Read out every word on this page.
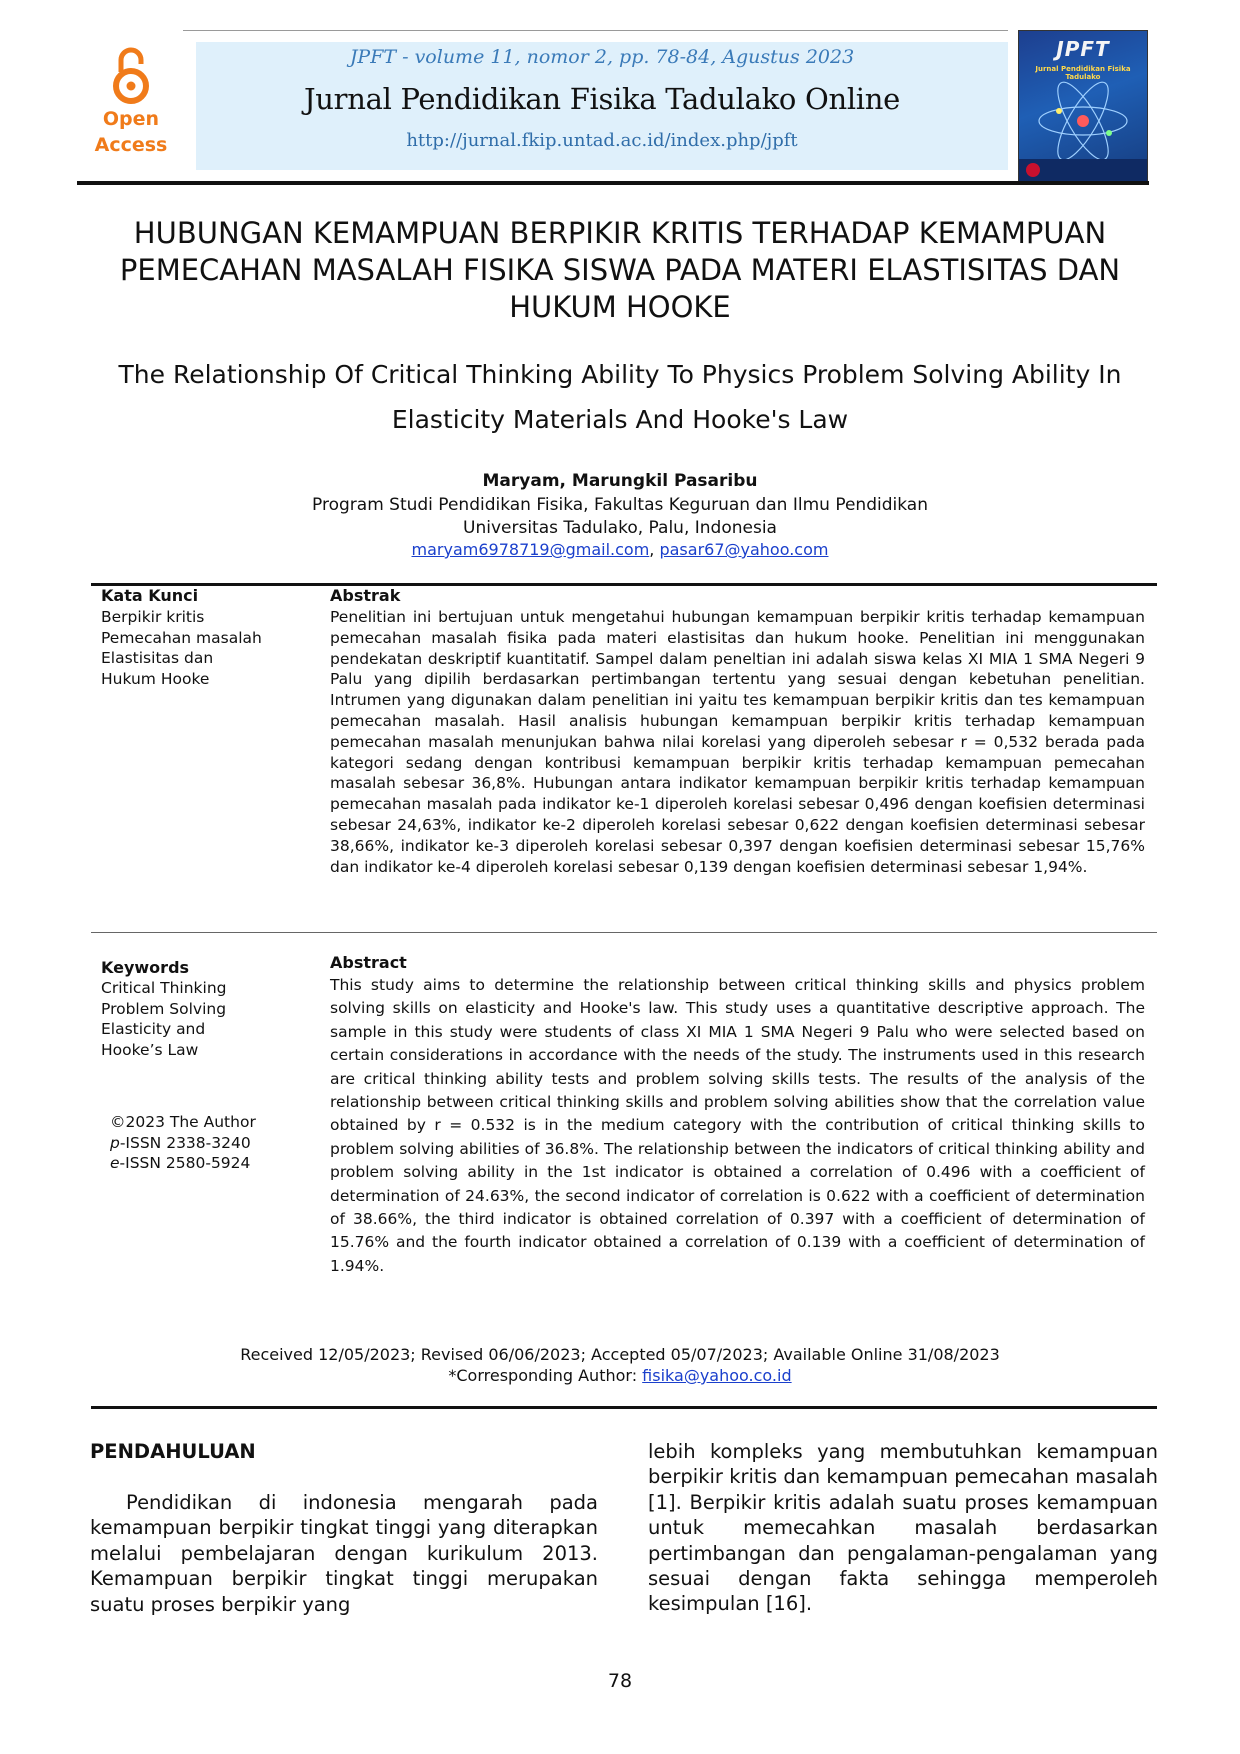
Open
Access
JPFT - volume 11, nomor 2, pp. 78-84, Agustus 2023
Jurnal Pendidikan Fisika Tadulako Online
http://jurnal.fkip.untad.ac.id/index.php/jpft
JPFT
Jurnal Pendidikan Fisika Tadulako
HUBUNGAN KEMAMPUAN BERPIKIR KRITIS TERHADAP KEMAMPUAN PEMECAHAN MASALAH FISIKA SISWA PADA MATERI ELASTISITAS DAN HUKUM HOOKE
The Relationship Of Critical Thinking Ability To Physics Problem Solving Ability In Elasticity Materials And Hooke's Law
Maryam, Marungkil Pasaribu
Program Studi Pendidikan Fisika, Fakultas Keguruan dan Ilmu Pendidikan
Universitas Tadulako, Palu, Indonesia
maryam6978719@gmail.com, pasar67@yahoo.com
Kata Kunci
Berpikir kritis
Pemecahan masalah
Elastisitas dan
Hukum Hooke
Abstrak
Penelitian ini bertujuan untuk mengetahui hubungan kemampuan berpikir kritis terhadap kemampuan pemecahan masalah fisika pada materi elastisitas dan hukum hooke. Penelitian ini menggunakan pendekatan deskriptif kuantitatif. Sampel dalam peneltian ini adalah siswa kelas XI MIA 1 SMA Negeri 9 Palu yang dipilih berdasarkan pertimbangan tertentu yang sesuai dengan kebetuhan penelitian. Intrumen yang digunakan dalam penelitian ini yaitu tes kemampuan berpikir kritis dan tes kemampuan pemecahan masalah. Hasil analisis hubungan kemampuan berpikir kritis terhadap kemampuan pemecahan masalah menunjukan bahwa nilai korelasi yang diperoleh sebesar r = 0,532 berada pada kategori sedang dengan kontribusi kemampuan berpikir kritis terhadap kemampuan pemecahan masalah sebesar 36,8%. Hubungan antara indikator kemampuan berpikir kritis terhadap kemampuan pemecahan masalah pada indikator ke-1 diperoleh korelasi sebesar 0,496 dengan koefisien determinasi sebesar 24,63%, indikator ke-2 diperoleh korelasi sebesar 0,622 dengan koefisien determinasi sebesar 38,66%, indikator ke-3 diperoleh korelasi sebesar 0,397 dengan koefisien determinasi sebesar 15,76% dan indikator ke-4 diperoleh korelasi sebesar 0,139 dengan koefisien determinasi sebesar 1,94%.
Keywords
Critical Thinking
Problem Solving
Elasticity and
Hooke’s Law
©2023 The Author
p-ISSN 2338-3240
e-ISSN 2580-5924
Abstract
This study aims to determine the relationship between critical thinking skills and physics problem solving skills on elasticity and Hooke's law. This study uses a quantitative descriptive approach. The sample in this study were students of class XI MIA 1 SMA Negeri 9 Palu who were selected based on certain considerations in accordance with the needs of the study. The instruments used in this research are critical thinking ability tests and problem solving skills tests. The results of the analysis of the relationship between critical thinking skills and problem solving abilities show that the correlation value obtained by r = 0.532 is in the medium category with the contribution of critical thinking skills to problem solving abilities of 36.8%. The relationship between the indicators of critical thinking ability and problem solving ability in the 1st indicator is obtained a correlation of 0.496 with a coefficient of determination of 24.63%, the second indicator of correlation is 0.622 with a coefficient of determination of 38.66%, the third indicator is obtained correlation of 0.397 with a coefficient of determination of 15.76% and the fourth indicator obtained a correlation of 0.139 with a coefficient of determination of 1.94%.
Received 12/05/2023; Revised 06/06/2023; Accepted 05/07/2023; Available Online 31/08/2023
*Corresponding Author: fisika@yahoo.co.id
PENDAHULUAN
Pendidikan di indonesia mengarah pada kemampuan berpikir tingkat tinggi yang diterapkan melalui pembelajaran dengan kurikulum 2013. Kemampuan berpikir tingkat tinggi merupakan suatu proses berpikir yang
lebih kompleks yang membutuhkan kemampuan berpikir kritis dan kemampuan pemecahan masalah [1]. Berpikir kritis adalah suatu proses kemampuan untuk memecahkan masalah berdasarkan pertimbangan dan pengalaman-pengalaman yang sesuai dengan fakta sehingga memperoleh kesimpulan [16].
78
